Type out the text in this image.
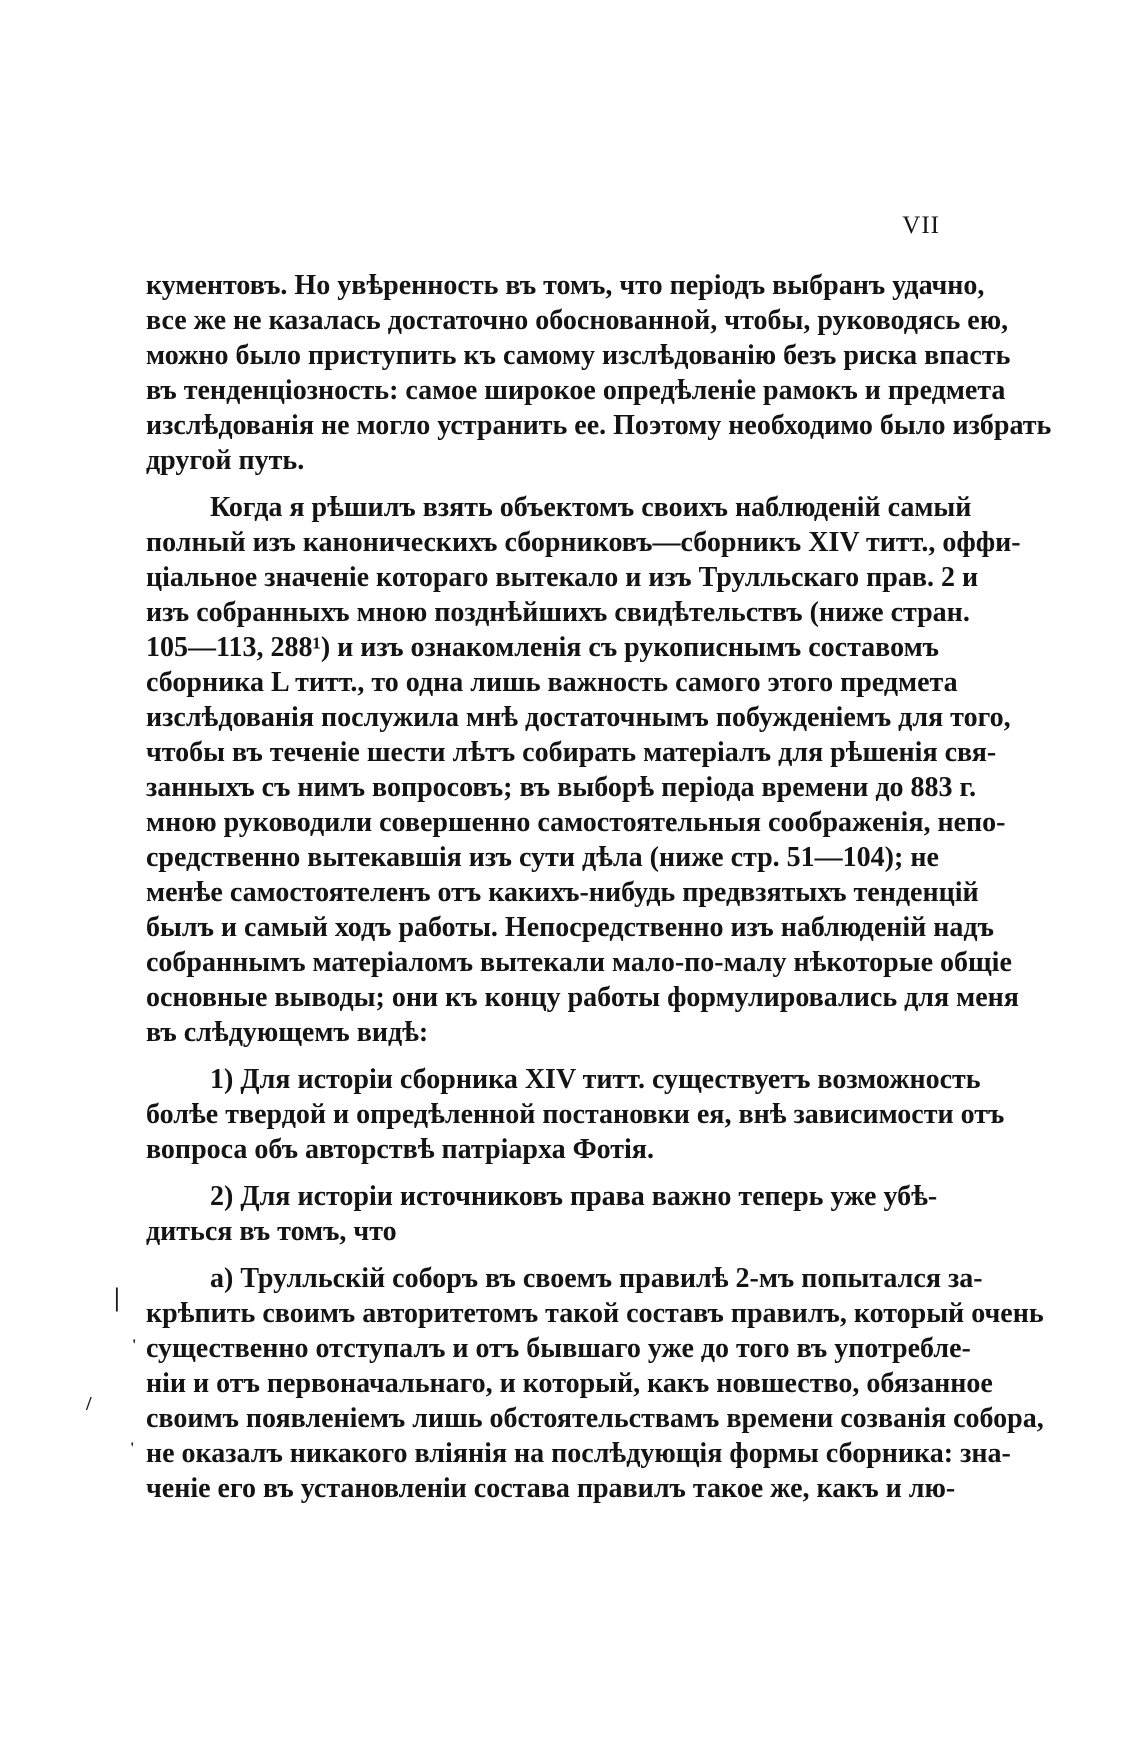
VII
кументовъ. Но увѣренность въ томъ, что періодъ выбранъ удачно,
все же не казалась достаточно обоснованной, чтобы, руководясь ею,
можно было приступить къ самому изслѣдованію безъ риска впасть
въ тенденціозность: самое широкое опредѣленіе рамокъ и предмета
изслѣдованія не могло устранить ее. Поэтому необходимо было избрать
другой путь.
Когда я рѣшилъ взять объектомъ своихъ наблюденій самый
полный изъ каноническихъ сборниковъ—сборникъ XIV титт., оффи-
ціальное значеніе котораго вытекало и изъ Трулльскаго прав. 2 и
изъ собранныхъ мною позднѣйшихъ свидѣтельствъ (ниже стран.
105—113, 288¹) и изъ ознакомленія съ рукописнымъ составомъ
сборника L титт., то одна лишь важность самого этого предмета
изслѣдованія послужила мнѣ достаточнымъ побужденіемъ для того,
чтобы въ теченіе шести лѣтъ собирать матеріалъ для рѣшенія свя-
занныхъ съ нимъ вопросовъ; въ выборѣ періода времени до 883 г.
мною руководили совершенно самостоятельныя соображенія, непо-
средственно вытекавшія изъ сути дѣла (ниже стр. 51—104); не
менѣе самостоятеленъ отъ какихъ-нибудь предвзятыхъ тенденцій
былъ и самый ходъ работы. Непосредственно изъ наблюденій надъ
собраннымъ матеріаломъ вытекали мало-по-малу нѣкоторые общіе
основные выводы; они къ концу работы формулировались для меня
въ слѣдующемъ видѣ:
1) Для исторіи сборника XIV титт. существуетъ возможность
болѣе твердой и опредѣленной постановки ея, внѣ зависимости отъ
вопроса объ авторствѣ патріарха Фотія.
2) Для исторіи источниковъ права важно теперь уже убѣ-
диться въ томъ, что
а) Трулльскій соборъ въ своемъ правилѣ 2-мъ попытался за-
крѣпить своимъ авторитетомъ такой составъ правилъ, который очень
существенно отступалъ и отъ бывшаго уже до того въ употребле-
ніи и отъ первоначальнаго, и который, какъ новшество, обязанное
своимъ появленіемъ лишь обстоятельствамъ времени созванія собора,
не оказалъ никакого вліянія на послѣдующія формы сборника: зна-
ченіе его въ установленіи состава правилъ такое же, какъ и лю-
|
'
/
'
